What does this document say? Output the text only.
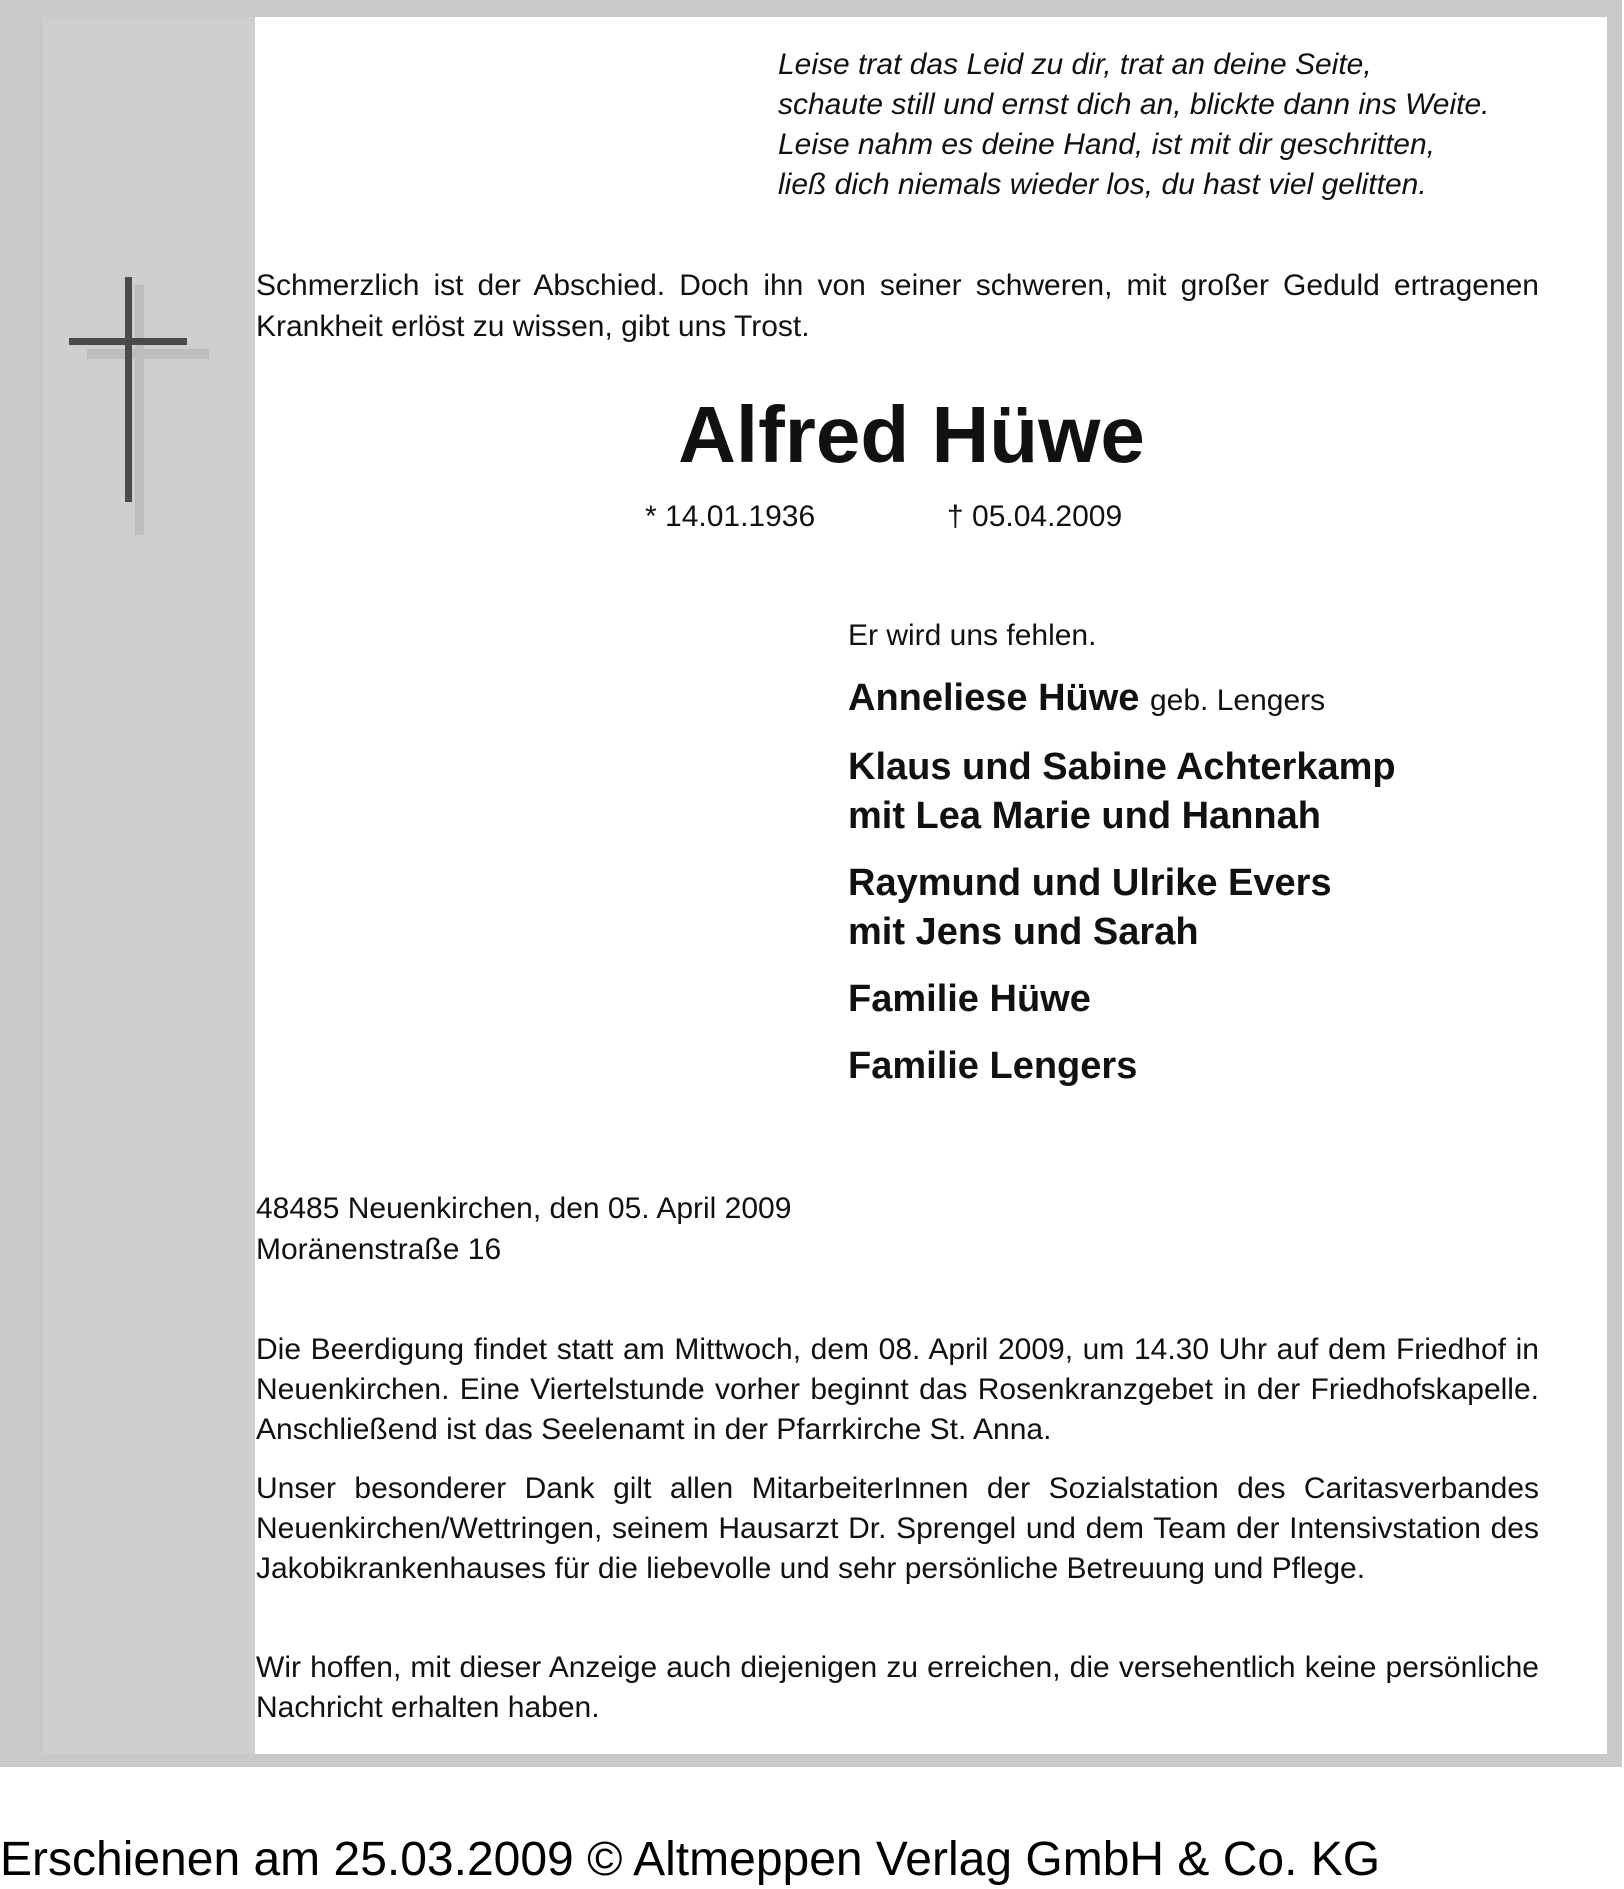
Leise trat das Leid zu dir, trat an deine Seite,
schaute still und ernst dich an, blickte dann ins Weite.
Leise nahm es deine Hand, ist mit dir geschritten,
ließ dich niemals wieder los, du hast viel gelitten.

Schmerzlich ist der Abschied. Doch ihn von seiner schweren, mit großer Geduld ertragenen Krankheit erlöst zu wissen, gibt uns Trost.

Alfred Hüwe
* 14.01.1936	† 05.04.2009

Er wird uns fehlen.

Anneliese Hüwe geb. Lengers
Klaus und Sabine Achterkamp
mit Lea Marie und Hannah
Raymund und Ulrike Evers
mit Jens und Sarah
Familie Hüwe
Familie Lengers
48485 Neuenkirchen, den 05. April 2009
Moränenstraße 16

Die Beerdigung findet statt am Mittwoch, dem 08. April 2009, um 14.30 Uhr auf dem Friedhof in Neuenkirchen. Eine Viertelstunde vorher beginnt das Rosenkranzgebet in der Friedhofskapelle. Anschließend ist das Seelenamt in der Pfarrkirche St. Anna.

Unser besonderer Dank gilt allen MitarbeiterInnen der Sozialstation des Caritasverbandes Neuenkirchen/Wettringen, seinem Hausarzt Dr. Sprengel und dem Team der Intensivstation des Jakobikrankenhauses für die liebevolle und sehr persönliche Betreuung und Pflege.

Wir hoffen, mit dieser Anzeige auch diejenigen zu erreichen, die versehentlich keine persönliche Nachricht erhalten haben.

Erschienen am 25.03.2009 © Altmeppen Verlag GmbH & Co. KG
